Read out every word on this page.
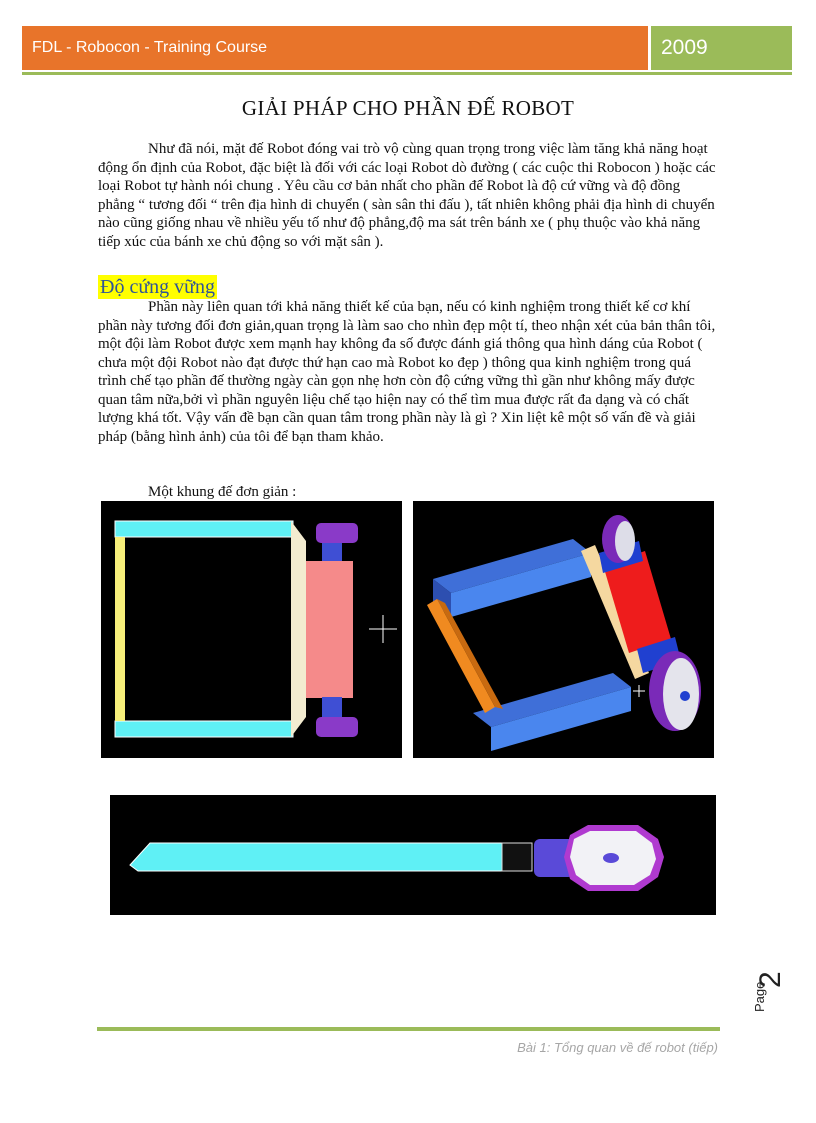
FDL - Robocon - Training Course	2009
GIẢI PHÁP CHO PHẦN ĐẾ ROBOT

Như đã nói, mặt đế Robot đóng vai trò vộ cùng quan trọng trong việc làm tăng khả năng hoạt động ổn định của Robot, đặc biệt là đối với các loại Robot dò đường ( các cuộc thi Robocon ) hoặc các loại Robot tự hành nói chung . Yêu cầu cơ bản nhất cho phần đế Robot là độ cứ vững và độ đồng phẳng “ tương đối “ trên địa hình di chuyển ( sàn sân thi đấu ), tất nhiên không phải địa hình di chuyển nào cũng giống nhau về nhiều yếu tố như độ phẳng,độ ma sát trên bánh xe ( phụ thuộc vào khả năng tiếp xúc của bánh xe chủ động so với mặt sân ).

Độ cứng vững

Phần này liên quan tới khả năng thiết kế của bạn, nếu có kinh nghiệm trong thiết kế cơ khí phần này tương đối đơn giản,quan trọng là làm sao cho nhìn đẹp một tí, theo nhận xét của bản thân tôi, một đội làm Robot được xem mạnh hay không đa số được đánh giá thông qua hình dáng của Robot ( chưa một đội Robot nào đạt được thứ hạn cao mà Robot ko đẹp ) thông qua kinh nghiệm trong quá trình chế tạo phần đế thường ngày càn gọn nhẹ hơn còn độ cứng vững thì gần như không mấy được quan tâm nữa,bởi vì phần nguyên liệu chế tạo hiện nay có thể tìm mua được rất đa dạng và có chất lượng khá tốt. Vậy vấn đề bạn cần quan tâm trong phần này là gì ? Xin liệt kê một số vấn đề và giải pháp (bằng hình ảnh) của tôi để bạn tham khảo.

Một khung đế đơn giản :
2
Page
Bài 1: Tổng quan về đế robot (tiếp)
